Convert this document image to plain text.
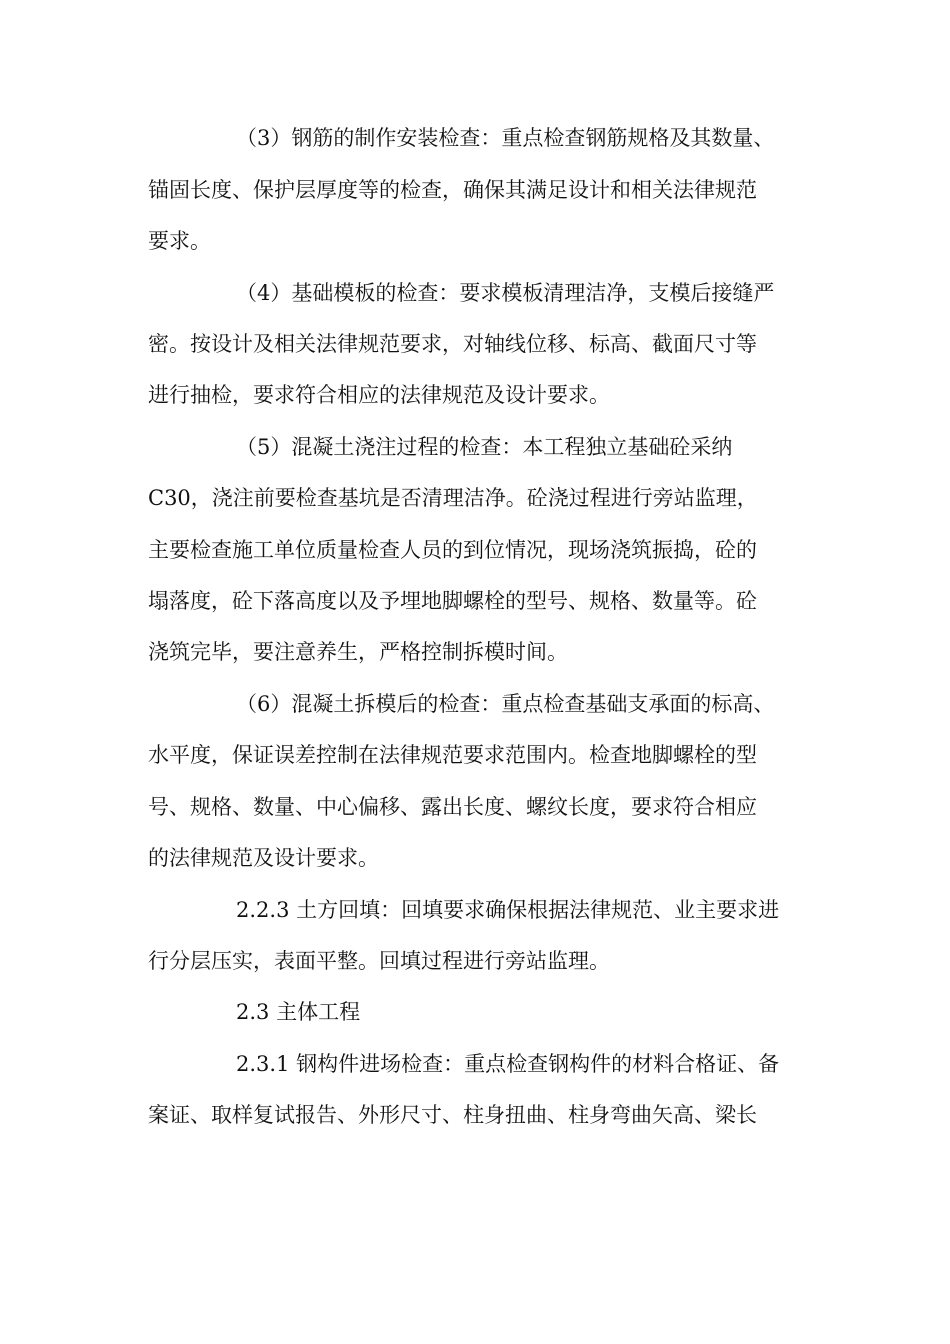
（3）钢筋的制作安装检查：重点检查钢筋规格及其数量、
锚固长度、保护层厚度等的检查，确保其满足设计和相关法律规范
要求。
（4）基础模板的检查：要求模板清理洁净，支模后接缝严
密。按设计及相关法律规范要求，对轴线位移、标高、截面尺寸等
进行抽检，要求符合相应的法律规范及设计要求。
（5）混凝土浇注过程的检查：本工程独立基础砼采纳
C30，浇注前要检查基坑是否清理洁净。砼浇过程进行旁站监理，
主要检查施工单位质量检查人员的到位情况，现场浇筑振捣，砼的
塌落度，砼下落高度以及予埋地脚螺栓的型号、规格、数量等。砼
浇筑完毕，要注意养生，严格控制拆模时间。
（6）混凝土拆模后的检查：重点检查基础支承面的标高、
水平度，保证误差控制在法律规范要求范围内。检查地脚螺栓的型
号、规格、数量、中心偏移、露出长度、螺纹长度，要求符合相应
的法律规范及设计要求。
2.2.3 土方回填：回填要求确保根据法律规范、业主要求进
行分层压实，表面平整。回填过程进行旁站监理。
2.3 主体工程
2.3.1 钢构件进场检查：重点检查钢构件的材料合格证、备
案证、取样复试报告、外形尺寸、柱身扭曲、柱身弯曲矢高、梁长
